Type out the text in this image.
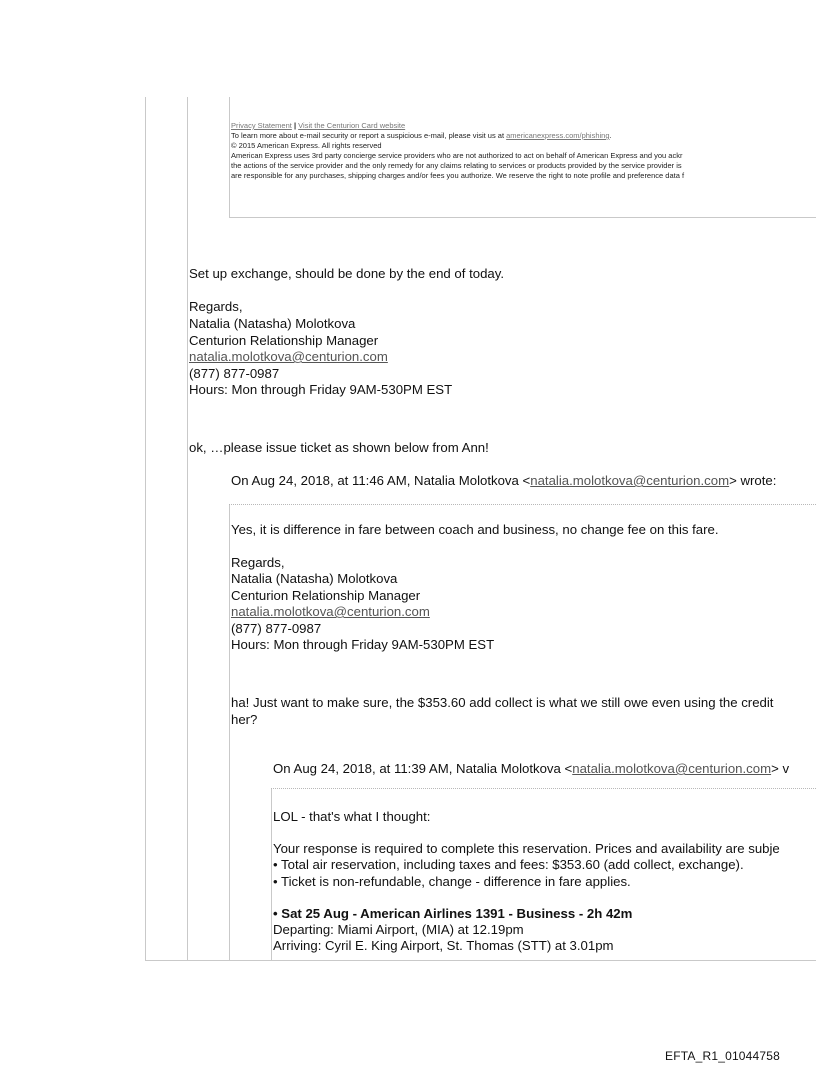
Privacy Statement | Visit the Centurion Card website
To learn more about e-mail security or report a suspicious e-mail, please visit us at americanexpress.com/phishing.
© 2015 American Express. All rights reserved
American Express uses 3rd party concierge service providers who are not authorized to act on behalf of American Express and you ackr
the actions of the service provider and the only remedy for any claims relating to services or products provided by the service provider is
are responsible for any purchases, shipping charges and/or fees you authorize. We reserve the right to note profile and preference data f
Set up exchange, should be done by the end of today.
Regards,
Natalia (Natasha) Molotkova
Centurion Relationship Manager
natalia.molotkova@centurion.com
(877) 877-0987
Hours: Mon through Friday 9AM-530PM EST
ok, …please issue ticket as shown below from Ann!
On Aug 24, 2018, at 11:46 AM, Natalia Molotkova <natalia.molotkova@centurion.com> wrote:
Yes, it is difference in fare between coach and business, no change fee on this fare.
Regards,
Natalia (Natasha) Molotkova
Centurion Relationship Manager
natalia.molotkova@centurion.com
(877) 877-0987
Hours: Mon through Friday 9AM-530PM EST
ha! Just want to make sure, the $353.60 add collect is what we still owe even using the credit
her?
On Aug 24, 2018, at 11:39 AM, Natalia Molotkova <natalia.molotkova@centurion.com> v
LOL - that's what I thought:
Your response is required to complete this reservation. Prices and availability are subje
• Total air reservation, including taxes and fees: $353.60 (add collect, exchange).
• Ticket is non-refundable, change - difference in fare applies.
• Sat 25 Aug - American Airlines 1391 - Business - 2h 42m
Departing: Miami Airport, (MIA) at 12.19pm
Arriving: Cyril E. King Airport, St. Thomas (STT) at 3.01pm
EFTA_R1_01044758
